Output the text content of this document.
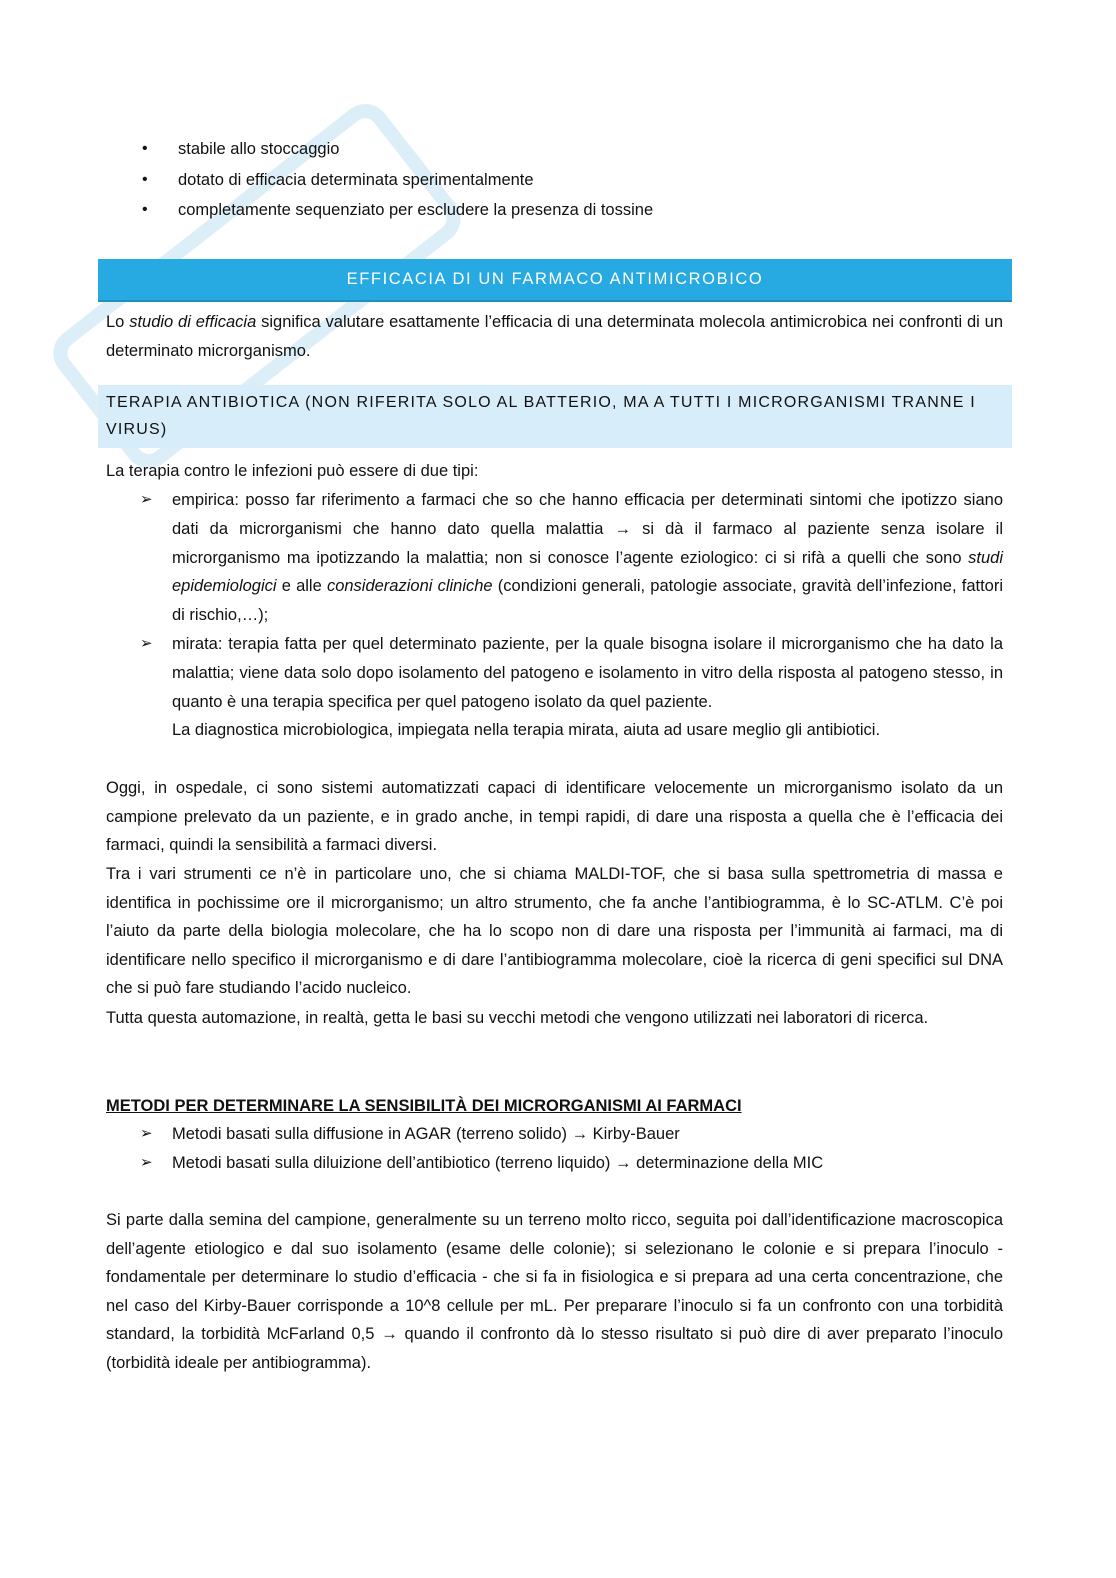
• stabile allo stoccaggio
• dotato di efficacia determinata sperimentalmente
• completamente sequenziato per escludere la presenza di tossine
EFFICACIA DI UN FARMACO ANTIMICROBICO

Lo studio di efficacia significa valutare esattamente l’efficacia di una determinata molecola antimicrobica nei confronti di un determinato microrganismo.

TERAPIA ANTIBIOTICA (NON RIFERITA SOLO AL BATTERIO, MA A TUTTI I MICRORGANISMI TRANNE I VIRUS)

La terapia contro le infezioni può essere di due tipi:

➢ empirica: posso far riferimento a farmaci che so che hanno efficacia per determinati sintomi che ipotizzo siano dati da microrganismi che hanno dato quella malattia → si dà il farmaco al paziente senza isolare il microrganismo ma ipotizzando la malattia; non si conosce l’agente eziologico: ci si rifà a quelli che sono studi epidemiologici e alle considerazioni cliniche (condizioni generali, patologie associate, gravità dell’infezione, fattori di rischio,…);
➢ mirata: terapia fatta per quel determinato paziente, per la quale bisogna isolare il microrganismo che ha dato la malattia; viene data solo dopo isolamento del patogeno e isolamento in vitro della risposta al patogeno stesso, in quanto è una terapia specifica per quel patogeno isolato da quel paziente.
La diagnostica microbiologica, impiegata nella terapia mirata, aiuta ad usare meglio gli antibiotici.

Oggi, in ospedale, ci sono sistemi automatizzati capaci di identificare velocemente un microrganismo isolato da un campione prelevato da un paziente, e in grado anche, in tempi rapidi, di dare una risposta a quella che è l’efficacia dei farmaci, quindi la sensibilità a farmaci diversi.

Tra i vari strumenti ce n’è in particolare uno, che si chiama MALDI-TOF, che si basa sulla spettrometria di massa e identifica in pochissime ore il microrganismo; un altro strumento, che fa anche l’antibiogramma, è lo SC-ATLM. C’è poi l’aiuto da parte della biologia molecolare, che ha lo scopo non di dare una risposta per l’immunità ai farmaci, ma di identificare nello specifico il microrganismo e di dare l’antibiogramma molecolare, cioè la ricerca di geni specifici sul DNA che si può fare studiando l’acido nucleico.

Tutta questa automazione, in realtà, getta le basi su vecchi metodi che vengono utilizzati nei laboratori di ricerca.

METODI PER DETERMINARE LA SENSIBILITÀ DEI MICRORGANISMI AI FARMACI
➢ Metodi basati sulla diffusione in AGAR (terreno solido) → Kirby-Bauer
➢ Metodi basati sulla diluizione dell’antibiotico (terreno liquido) → determinazione della MIC

Si parte dalla semina del campione, generalmente su un terreno molto ricco, seguita poi dall’identificazione macroscopica dell’agente etiologico e dal suo isolamento (esame delle colonie); si selezionano le colonie e si prepara l’inoculo - fondamentale per determinare lo studio d’efficacia - che si fa in fisiologica e si prepara ad una certa concentrazione, che nel caso del Kirby-Bauer corrisponde a 10^8 cellule per mL. Per preparare l’inoculo si fa un confronto con una torbidità standard, la torbidità McFarland 0,5 → quando il confronto dà lo stesso risultato si può dire di aver preparato l’inoculo (torbidità ideale per antibiogramma).
